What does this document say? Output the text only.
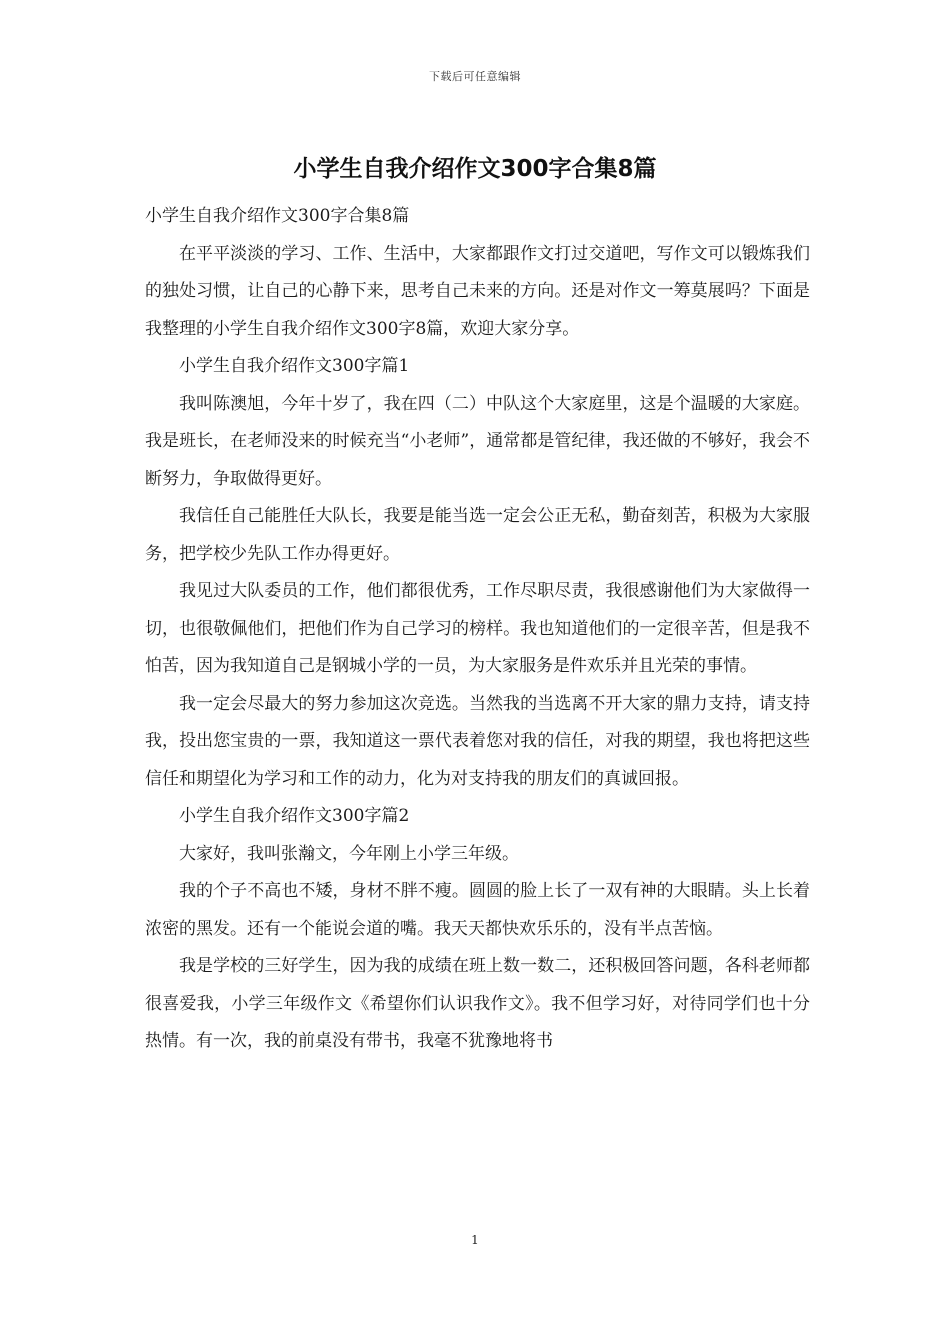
下载后可任意编辑
小学生自我介绍作文300字合集8篇

小学生自我介绍作文300字合集8篇

在平平淡淡的学习、工作、生活中，大家都跟作文打过交道吧，写作文可以锻炼我们的独处习惯，让自己的心静下来，思考自己未来的方向。还是对作文一筹莫展吗？下面是我整理的小学生自我介绍作文300字8篇，欢迎大家分享。

小学生自我介绍作文300字篇1

我叫陈澳旭，今年十岁了，我在四（二）中队这个大家庭里，这是个温暖的大家庭。我是班长，在老师没来的时候充当“小老师”，通常都是管纪律，我还做的不够好，我会不断努力，争取做得更好。

我信任自己能胜任大队长，我要是能当选一定会公正无私，勤奋刻苦，积极为大家服务，把学校少先队工作办得更好。

我见过大队委员的工作，他们都很优秀，工作尽职尽责，我很感谢他们为大家做得一切，也很敬佩他们，把他们作为自己学习的榜样。我也知道他们的一定很辛苦，但是我不怕苦，因为我知道自己是钢城小学的一员，为大家服务是件欢乐并且光荣的事情。

我一定会尽最大的努力参加这次竞选。当然我的当选离不开大家的鼎力支持，请支持我，投出您宝贵的一票，我知道这一票代表着您对我的信任，对我的期望，我也将把这些信任和期望化为学习和工作的动力，化为对支持我的朋友们的真诚回报。

小学生自我介绍作文300字篇2

大家好，我叫张瀚文，今年刚上小学三年级。

我的个子不高也不矮，身材不胖不瘦。圆圆的脸上长了一双有神的大眼睛。头上长着浓密的黑发。还有一个能说会道的嘴。我天天都快欢乐乐的，没有半点苦恼。

我是学校的三好学生，因为我的成绩在班上数一数二，还积极回答问题，各科老师都很喜爱我，小学三年级作文《希望你们认识我作文》。我不但学习好，对待同学们也十分热情。有一次，我的前桌没有带书，我毫不犹豫地将书

1
